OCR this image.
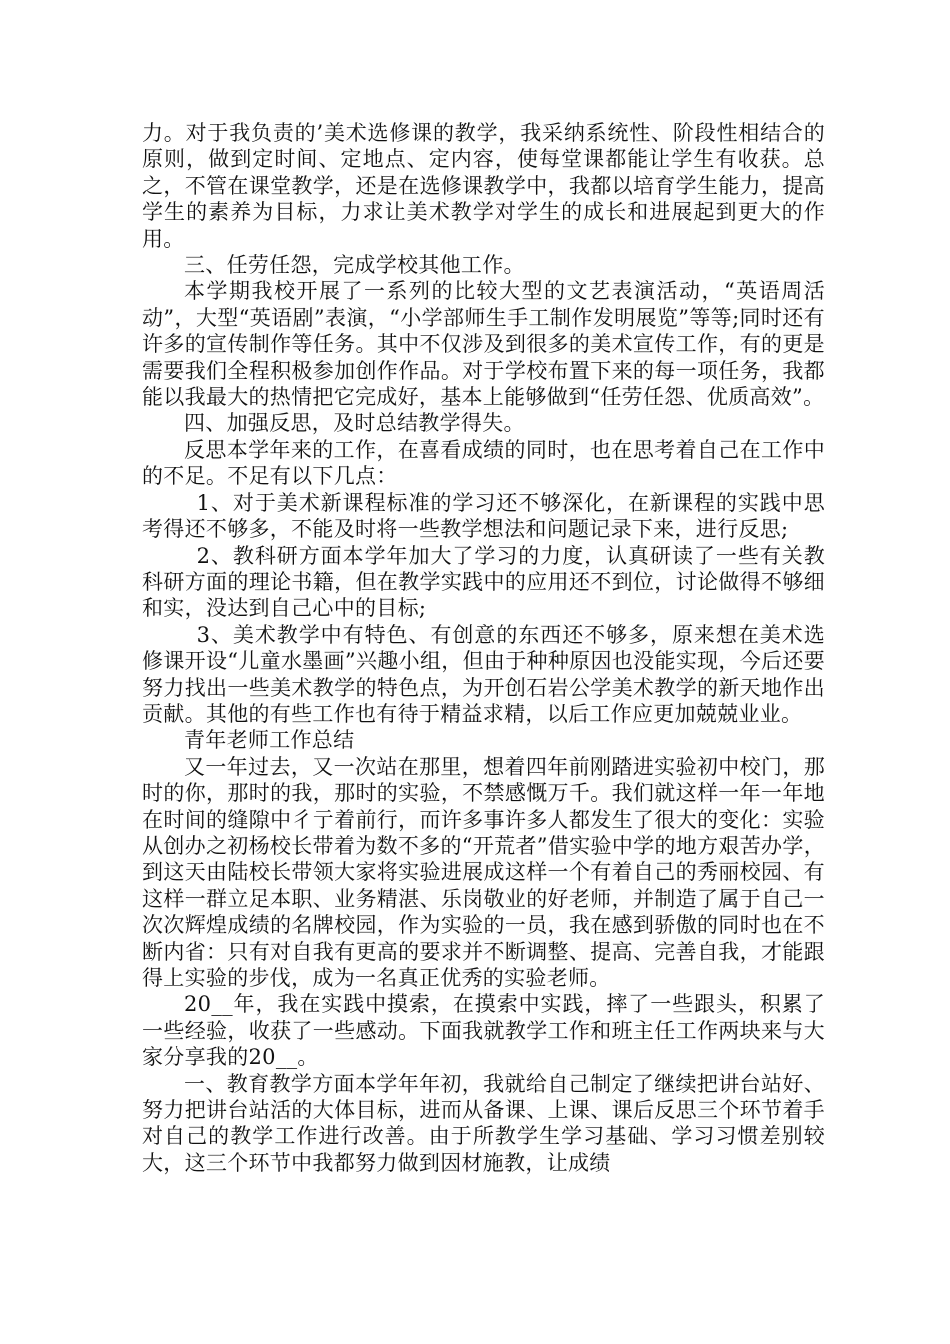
力。对于我负责的’美术选修课的教学，我采纳系统性、阶段性相结合的原则，做到定时间、定地点、定内容，使每堂课都能让学生有收获。总之，不管在课堂教学，还是在选修课教学中，我都以培育学生能力，提高学生的素养为目标，力求让美术教学对学生的成长和进展起到更大的作用。

三、任劳任怨，完成学校其他工作。

本学期我校开展了一系列的比较大型的文艺表演活动，“英语周活动”，大型“英语剧”表演，“小学部师生手工制作发明展览”等等;同时还有许多的宣传制作等任务。其中不仅涉及到很多的美术宣传工作，有的更是需要我们全程积极参加创作作品。对于学校布置下来的每一项任务，我都能以我最大的热情把它完成好，基本上能够做到“任劳任怨、优质高效”。

四、加强反思，及时总结教学得失。

反思本学年来的工作，在喜看成绩的同时，也在思考着自己在工作中的不足。不足有以下几点：

1、对于美术新课程标准的学习还不够深化，在新课程的实践中思考得还不够多，不能及时将一些教学想法和问题记录下来，进行反思;

2、教科研方面本学年加大了学习的力度，认真研读了一些有关教科研方面的理论书籍，但在教学实践中的应用还不到位，讨论做得不够细和实，没达到自己心中的目标;

3、美术教学中有特色、有创意的东西还不够多，原来想在美术选修课开设“儿童水墨画”兴趣小组，但由于种种原因也没能实现，今后还要努力找出一些美术教学的特色点，为开创石岩公学美术教学的新天地作出贡献。其他的有些工作也有待于精益求精，以后工作应更加兢兢业业。

青年老师工作总结

又一年过去，又一次站在那里，想着四年前刚踏进实验初中校门，那时的你，那时的我，那时的实验，不禁感慨万千。我们就这样一年一年地在时间的缝隙中彳亍着前行，而许多事许多人都发生了很大的变化：实验从创办之初杨校长带着为数不多的“开荒者”借实验中学的地方艰苦办学，到这天由陆校长带领大家将实验进展成这样一个有着自己的秀丽校园、有这样一群立足本职、业务精湛、乐岗敬业的好老师，并制造了属于自己一次次辉煌成绩的名牌校园，作为实验的一员，我在感到骄傲的同时也在不断内省：只有对自我有更高的要求并不断调整、提高、完善自我，才能跟得上实验的步伐，成为一名真正优秀的实验老师。

20__年，我在实践中摸索，在摸索中实践，摔了一些跟头，积累了一些经验，收获了一些感动。下面我就教学工作和班主任工作两块来与大家分享我的20__。

一、教育教学方面本学年年初，我就给自己制定了继续把讲台站好、努力把讲台站活的大体目标，进而从备课、上课、课后反思三个环节着手对自己的教学工作进行改善。由于所教学生学习基础、学习习惯差别较大，这三个环节中我都努力做到因材施教，让成绩
